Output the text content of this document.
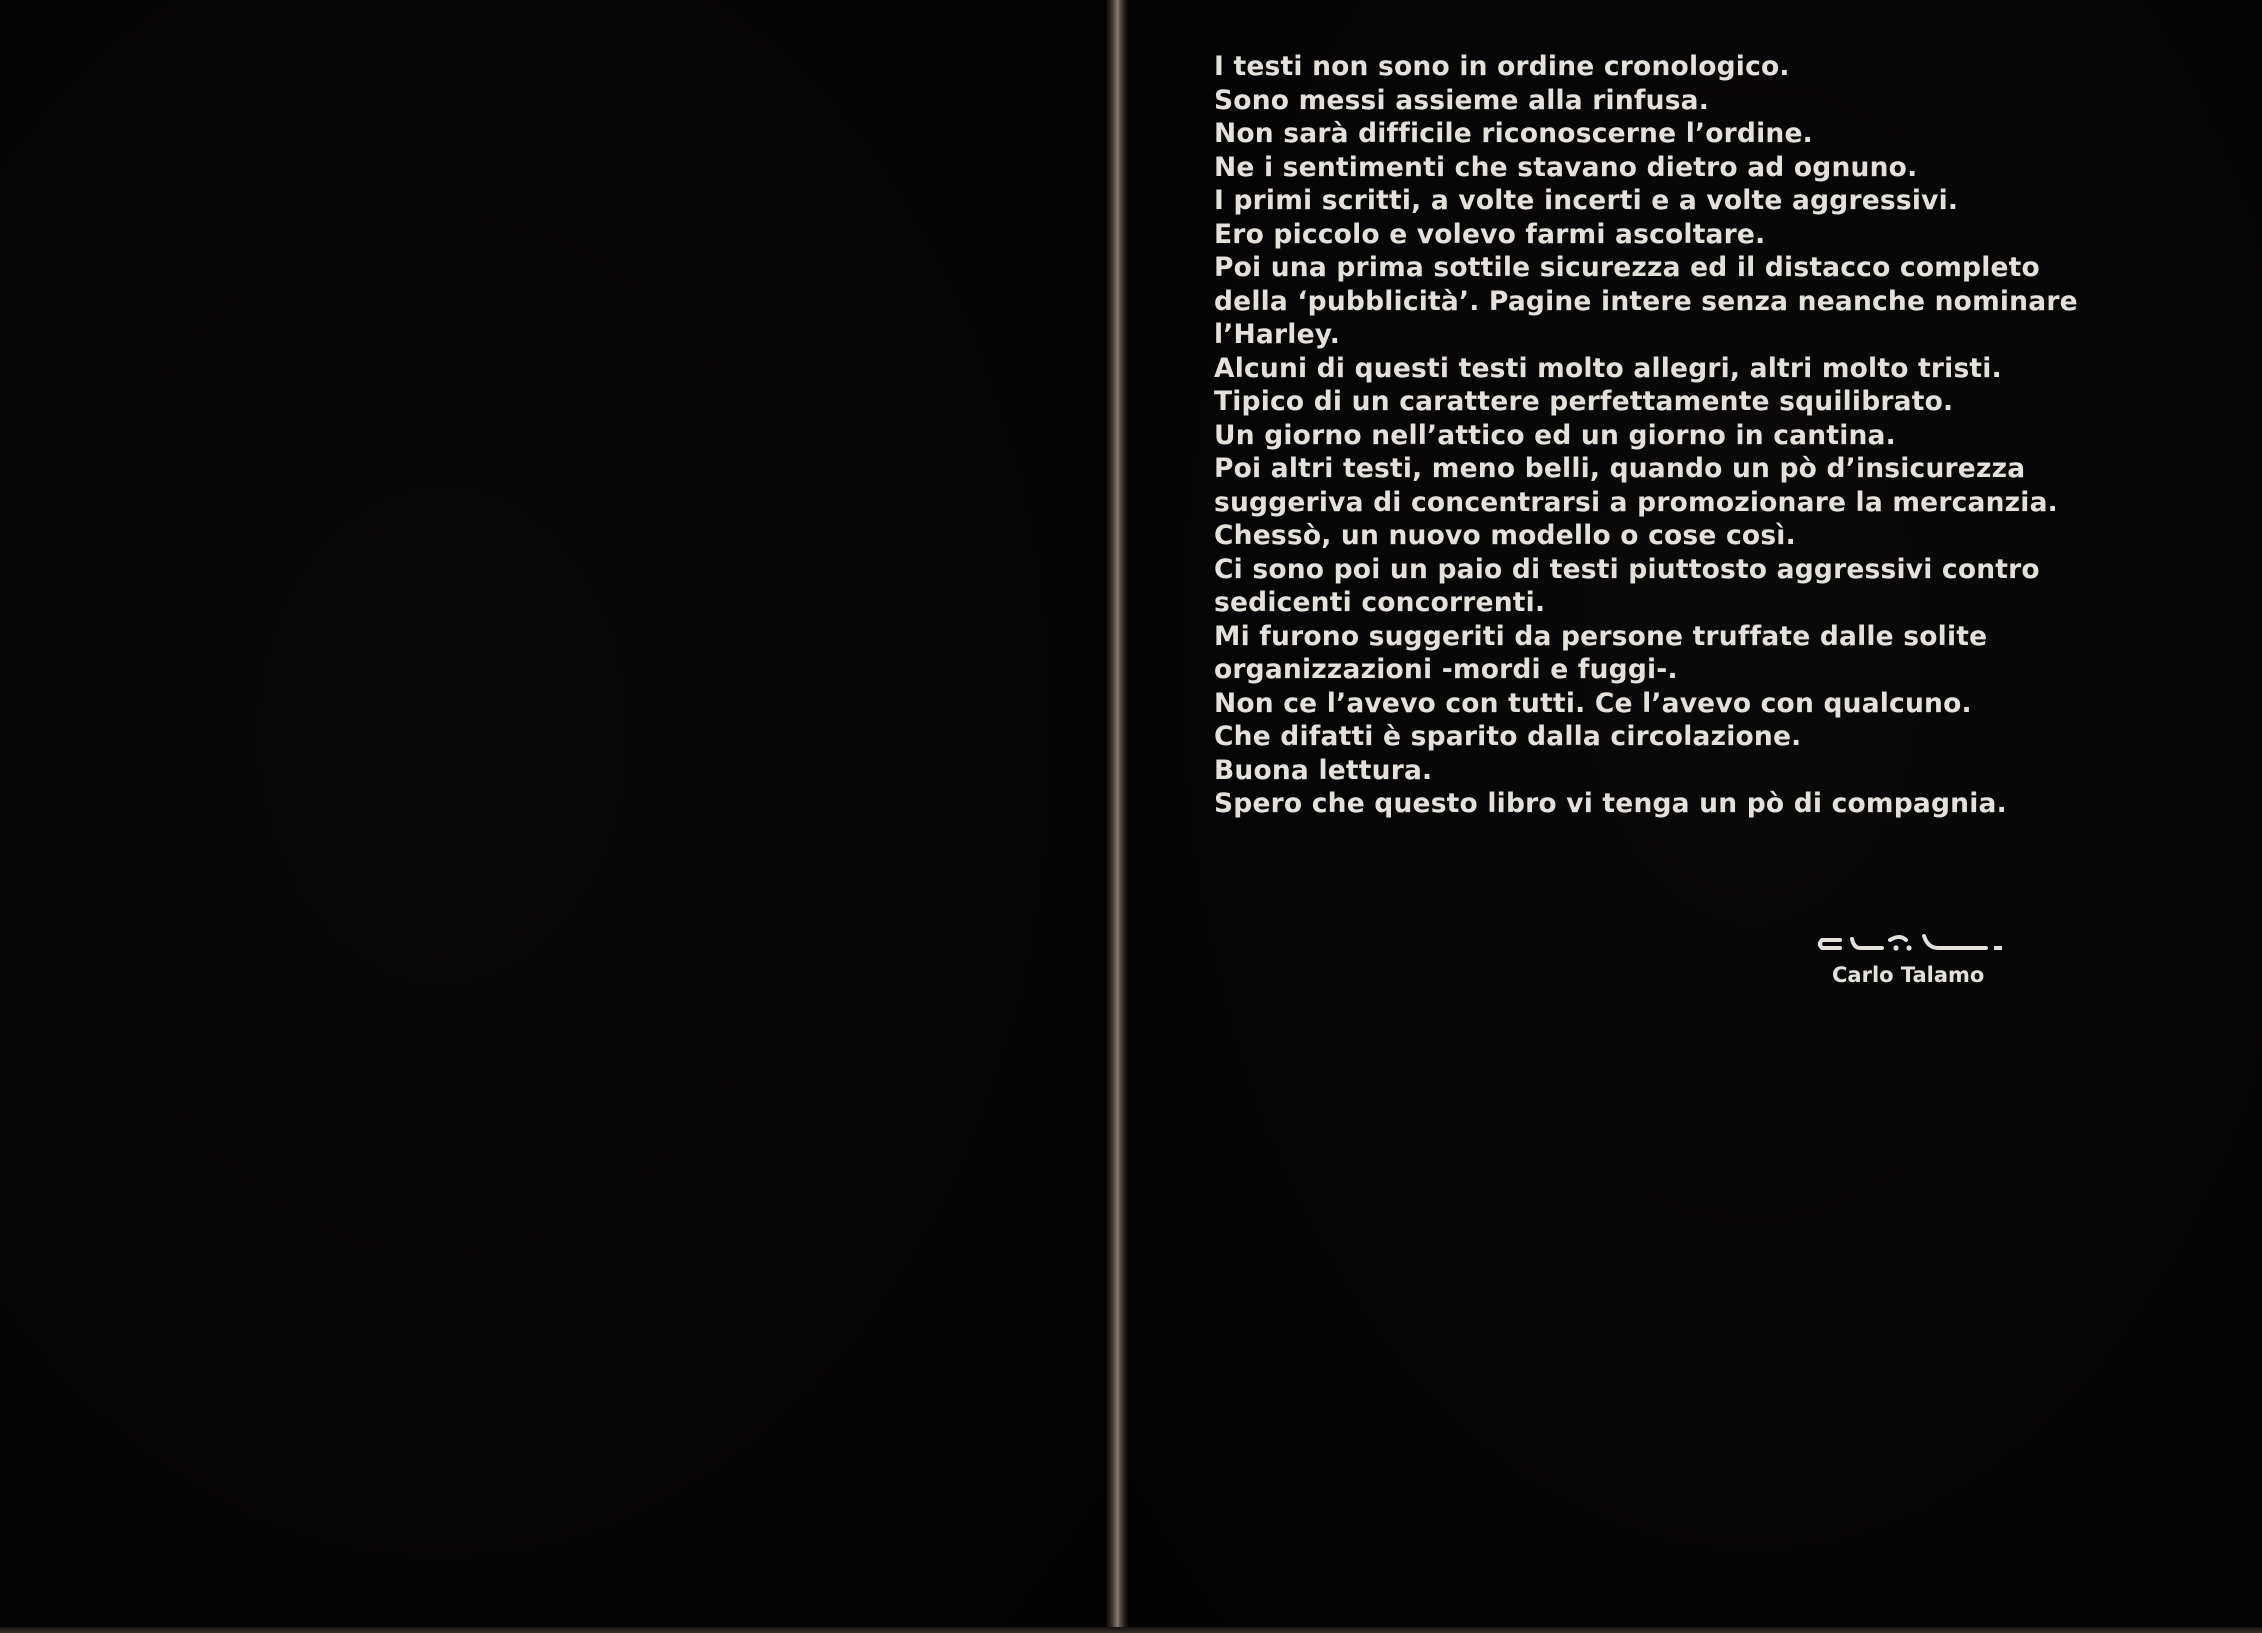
I testi non sono in ordine cronologico.
Sono messi assieme alla rinfusa.
Non sarà difficile riconoscerne l’ordine.
Ne i sentimenti che stavano dietro ad ognuno.
I primi scritti, a volte incerti e a volte aggressivi.
Ero piccolo e volevo farmi ascoltare.
Poi una prima sottile sicurezza ed il distacco completo
della ‘pubblicità’. Pagine intere senza neanche nominare
l’Harley.
Alcuni di questi testi molto allegri, altri molto tristi.
Tipico di un carattere perfettamente squilibrato.
Un giorno nell’attico ed un giorno in cantina.
Poi altri testi, meno belli, quando un pò d’insicurezza
suggeriva di concentrarsi a promozionare la mercanzia.
Chessò, un nuovo modello o cose così.
Ci sono poi un paio di testi piuttosto aggressivi contro
sedicenti concorrenti.
Mi furono suggeriti da persone truffate dalle solite
organizzazioni -mordi e fuggi-.
Non ce l’avevo con tutti. Ce l’avevo con qualcuno.
Che difatti è sparito dalla circolazione.
Buona lettura.
Spero che questo libro vi tenga un pò di compagnia.
Carlo Talamo
